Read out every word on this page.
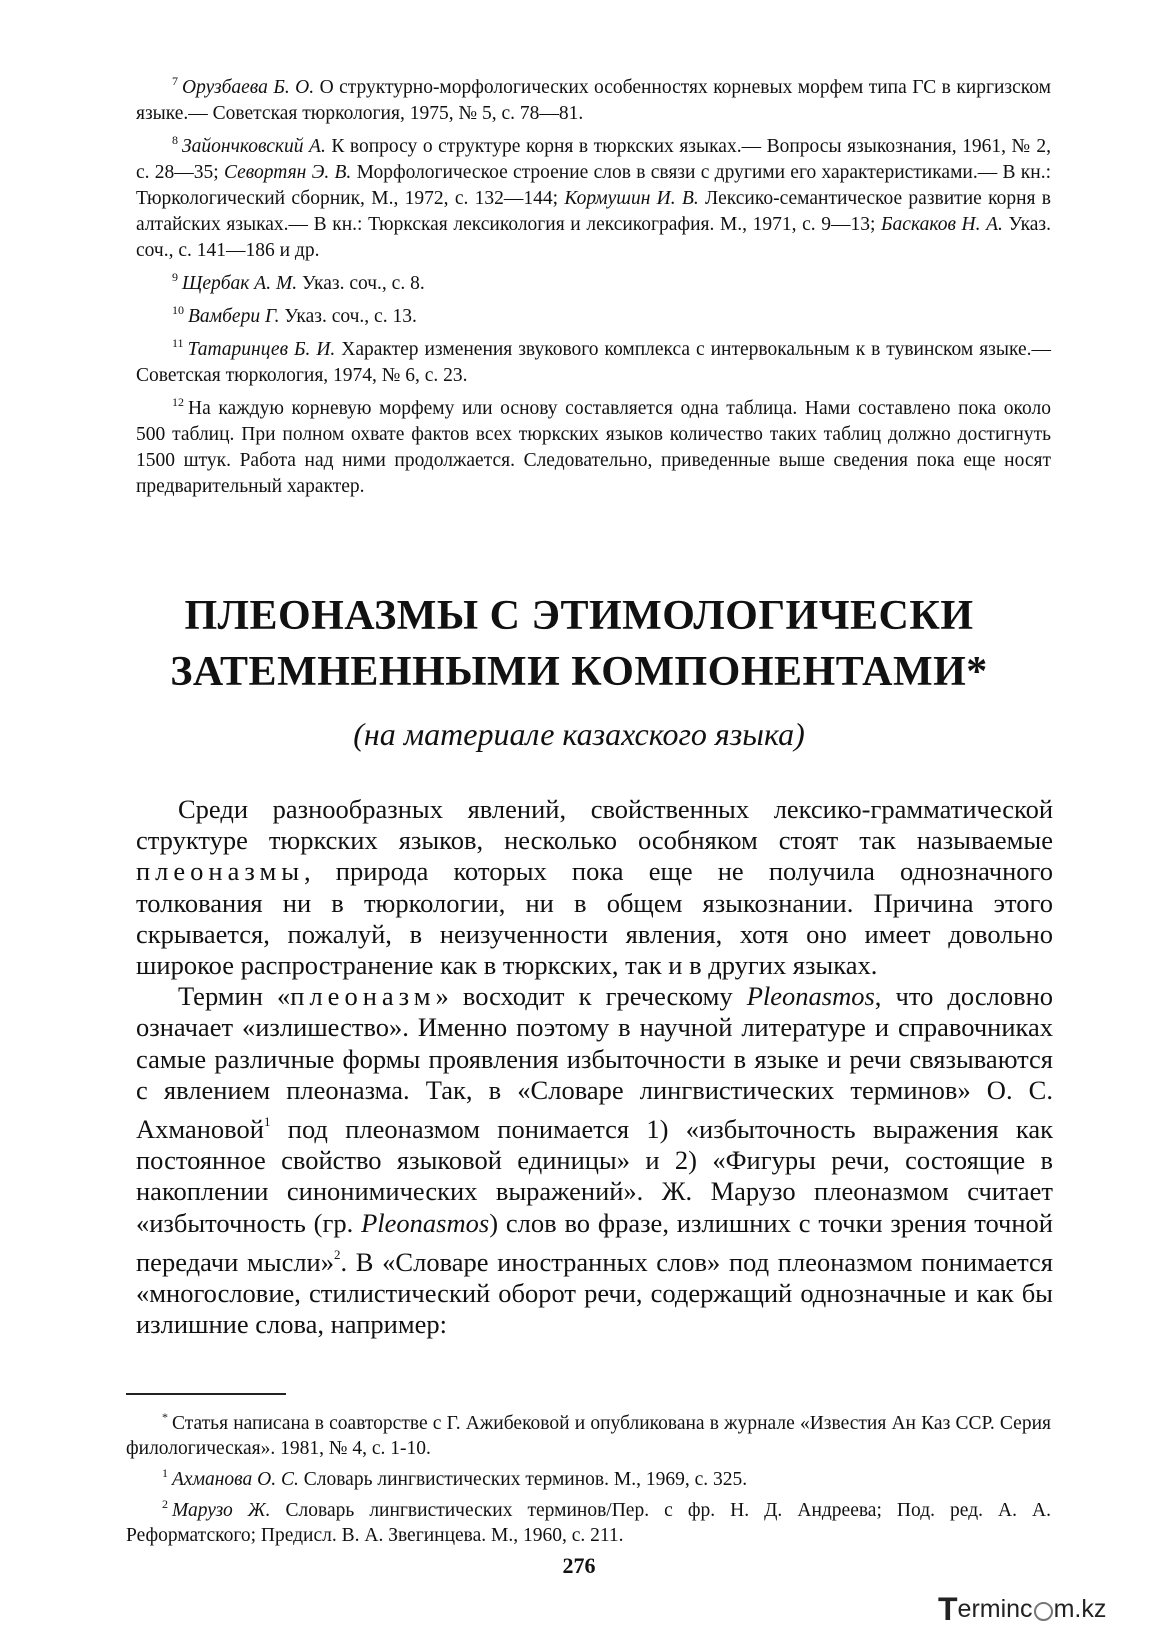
$^7$ Орузбаева Б. О. О структурно-морфологических особенностях корневых морфем типа ГС в киргизском языке.— Советская тюркология, 1975, № 5, с. 78—81.

$^8$ Зайончковский А. К вопросу о структуре корня в тюркских языках.— Вопросы языкознания, 1961, № 2, с. 28—35; Севортян Э. В. Морфологическое строение слов в связи с другими его характеристиками.— В кн.: Тюркологический сборник, М., 1972, с. 132—144; Кормушин И. В. Лексико-семантическое развитие корня в алтайских языках.— В кн.: Тюркская лексикология и лексикография. М., 1971, с. 9—13; Баскаков Н. А. Указ. соч., с. 141—186 и др.

$^9$ Щербак А. М. Указ. соч., с. 8.

$^{10}$ Вамбери Г. Указ. соч., с. 13.

$^{11}$ Татаринцев Б. И. Характер изменения звукового комплекса с интервокальным к в тувинском языке.— Советская тюркология, 1974, № 6, с. 23.

$^{12}$ На каждую корневую морфему или основу составляется одна таблица. Нами составлено пока около 500 таблиц. При полном охвате фактов всех тюркских языков количество таких таблиц должно достигнуть 1500 штук. Работа над ними продолжается. Следовательно, приведенные выше сведения пока еще носят предварительный характер.

ПЛЕОНАЗМЫ С ЭТИМОЛОГИЧЕСКИ
ЗАТЕМНЕННЫМИ КОМПОНЕНТАМИ*
(на материале казахского языка)

Среди разнообразных явлений, свойственных лексико-грамматической структуре тюркских языков, несколько особняком стоят так называемые плеоназмы, природа которых пока еще не получила однозначного толкования ни в тюркологии, ни в общем языкознании. Причина этого скрывается, пожалуй, в неизученности явления, хотя оно имеет довольно широкое распространение как в тюркских, так и в других языках.

Термин «плеоназм» восходит к греческому Pleonasmos, что дословно означает «излишество». Именно поэтому в научной литературе и справочниках самые различные формы проявления избыточности в языке и речи связываются с явлением плеоназма. Так, в «Словаре лингвистических терминов» О. С. Ахмановой$^1$ под плеоназмом понимается 1) «избыточность выражения как постоянное свойство языковой единицы» и 2) «Фигуры речи, состоящие в накоплении синонимических выражений». Ж. Марузо плеоназмом считает «избыточность (гр. Pleonasmos) слов во фразе, излишних с точки зрения точной передачи мысли»$^2$. В «Словаре иностранных слов» под плеоназмом понимается «многословие, стилистический оборот речи, содержащий однозначные и как бы излишние слова, например:

* Статья написана в соавторстве с Г. Ажибековой и опубликована в журнале «Известия Ан Каз ССР. Серия филологическая». 1981, № 4, с. 1-10.

$^1$ Ахманова О. С. Словарь лингвистических терминов. М., 1969, с. 325.

$^2$ Марузо Ж. Словарь лингвистических терминов/Пер. с фр. Н. Д. Андреева; Под. ред. А. А. Реформатского; Предисл. В. А. Звегинцева. М., 1960, с. 211.

276
T erminc m.kz
